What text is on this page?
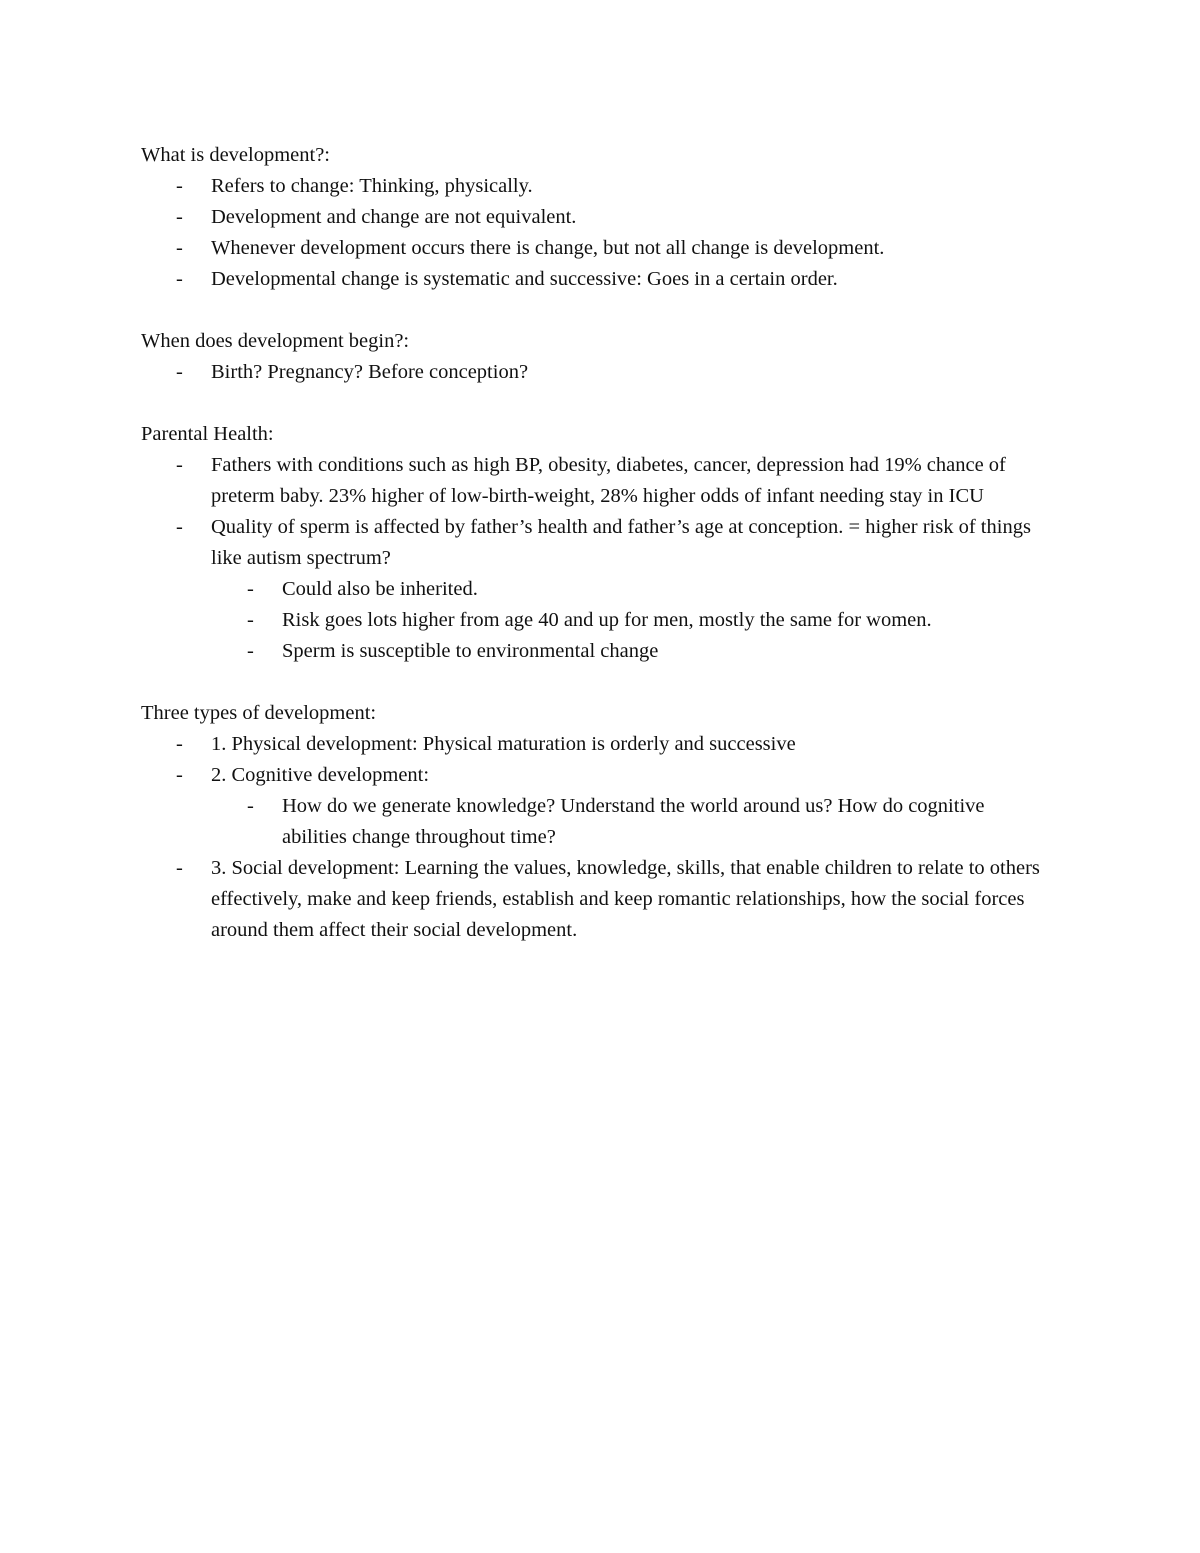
What is development?:
- Refers to change: Thinking, physically.
- Development and change are not equivalent.
- Whenever development occurs there is change, but not all change is development.
- Developmental change is systematic and successive: Goes in a certain order.
When does development begin?:
- Birth? Pregnancy? Before conception?
Parental Health:
- Fathers with conditions such as high BP, obesity, diabetes, cancer, depression had 19% chance of preterm baby. 23% higher of low-birth-weight, 28% higher odds of infant needing stay in ICU
- Quality of sperm is affected by father’s health and father’s age at conception. = higher risk of things like autism spectrum?
- Could also be inherited.
- Risk goes lots higher from age 40 and up for men, mostly the same for women.
- Sperm is susceptible to environmental change
Three types of development:
- 1. Physical development: Physical maturation is orderly and successive
- 2. Cognitive development:
- How do we generate knowledge? Understand the world around us? How do cognitive abilities change throughout time?
- 3. Social development: Learning the values, knowledge, skills, that enable children to relate to others effectively, make and keep friends, establish and keep romantic relationships, how the social forces around them affect their social development.
